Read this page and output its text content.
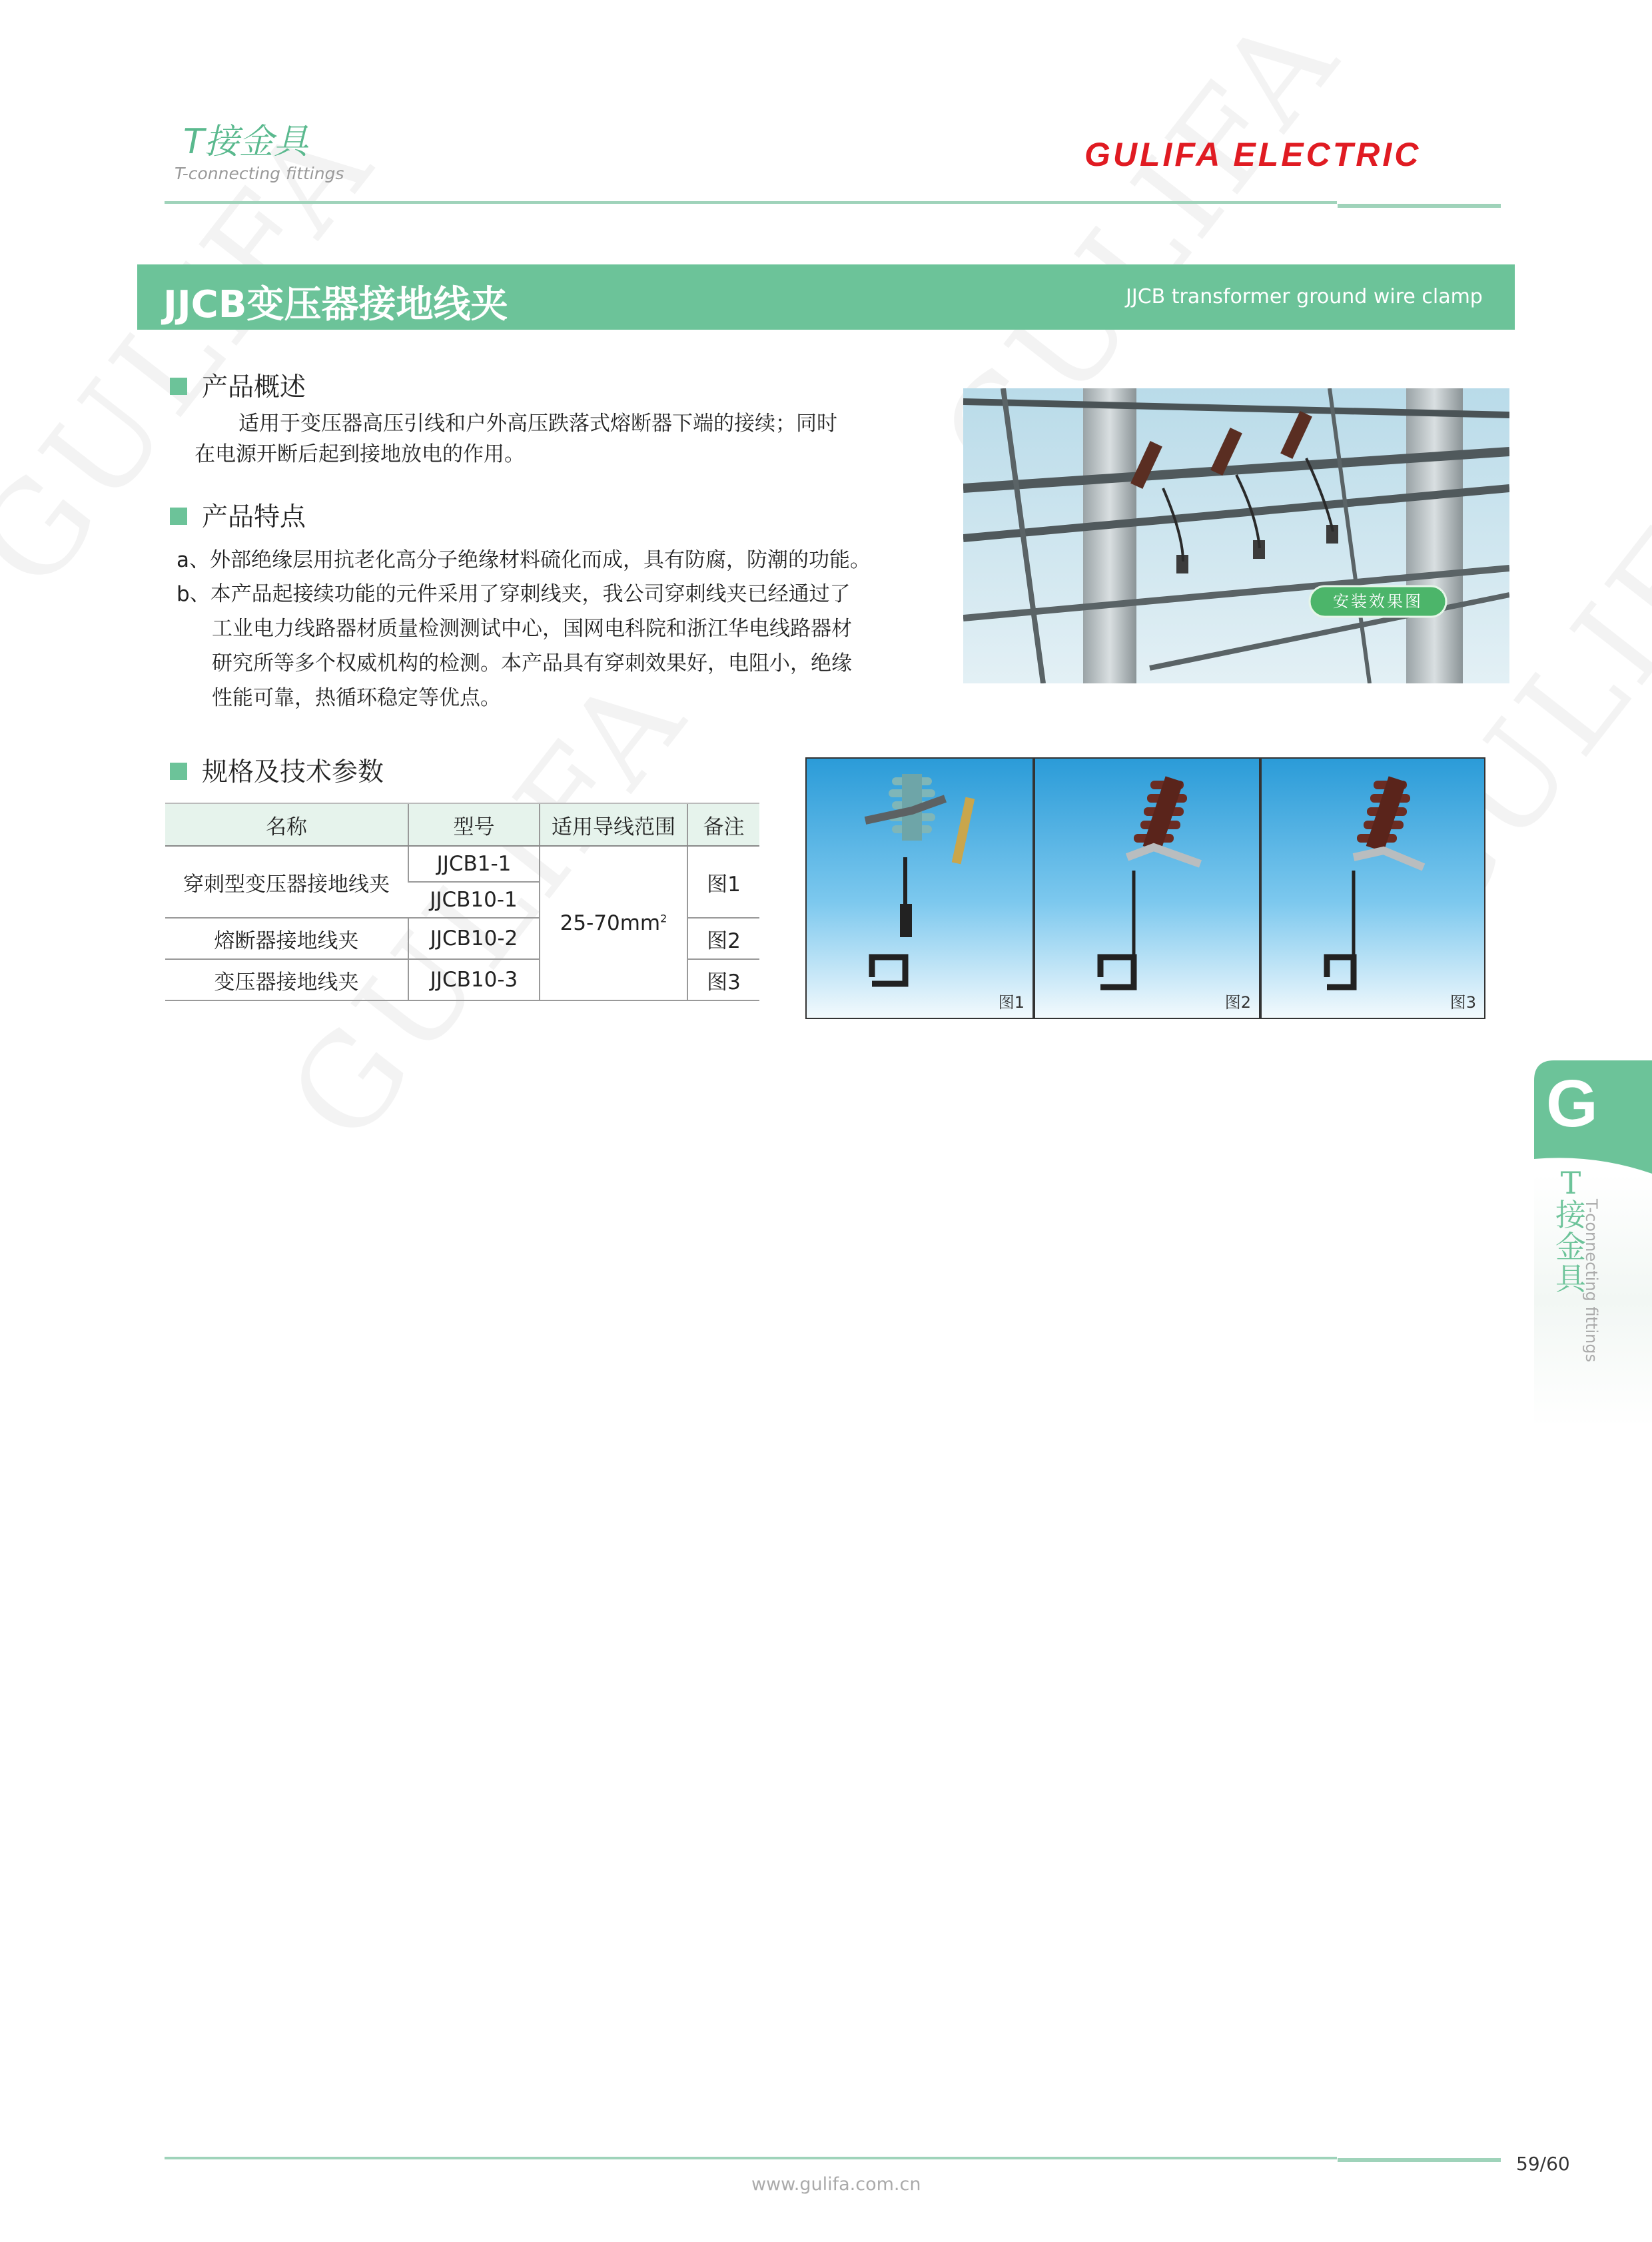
T接金具
T-connecting fittings
GULIFA ELECTRIC
JJCB变压器接地线夹	JJCB transformer ground wire clamp
产品概述
适用于变压器高压引线和户外高压跌落式熔断器下端的接续；同时
在电源开断后起到接地放电的作用。
产品特点
a、外部绝缘层用抗老化高分子绝缘材料硫化而成，具有防腐，防潮的功能。
b、本产品起接续功能的元件采用了穿刺线夹，我公司穿刺线夹已经通过了
工业电力线路器材质量检测测试中心，国网电科院和浙江华电线路器材
研究所等多个权威机构的检测。本产品具有穿刺效果好，电阻小，绝缘
性能可靠，热循环稳定等优点。
安装效果图
规格及技术参数
名称	型号	适用导线范围	备注
穿刺型变压器接地线夹	JJCB1-1	$25-70mm^2$	图1
	JJCB10-1		
熔断器接地线夹	JJCB10-2		图2
变压器接地线夹	JJCB10-3		图3
图1	图2	图3
G
T接金具
T-connecting fittings
59/60
www.gulifa.com.cn
